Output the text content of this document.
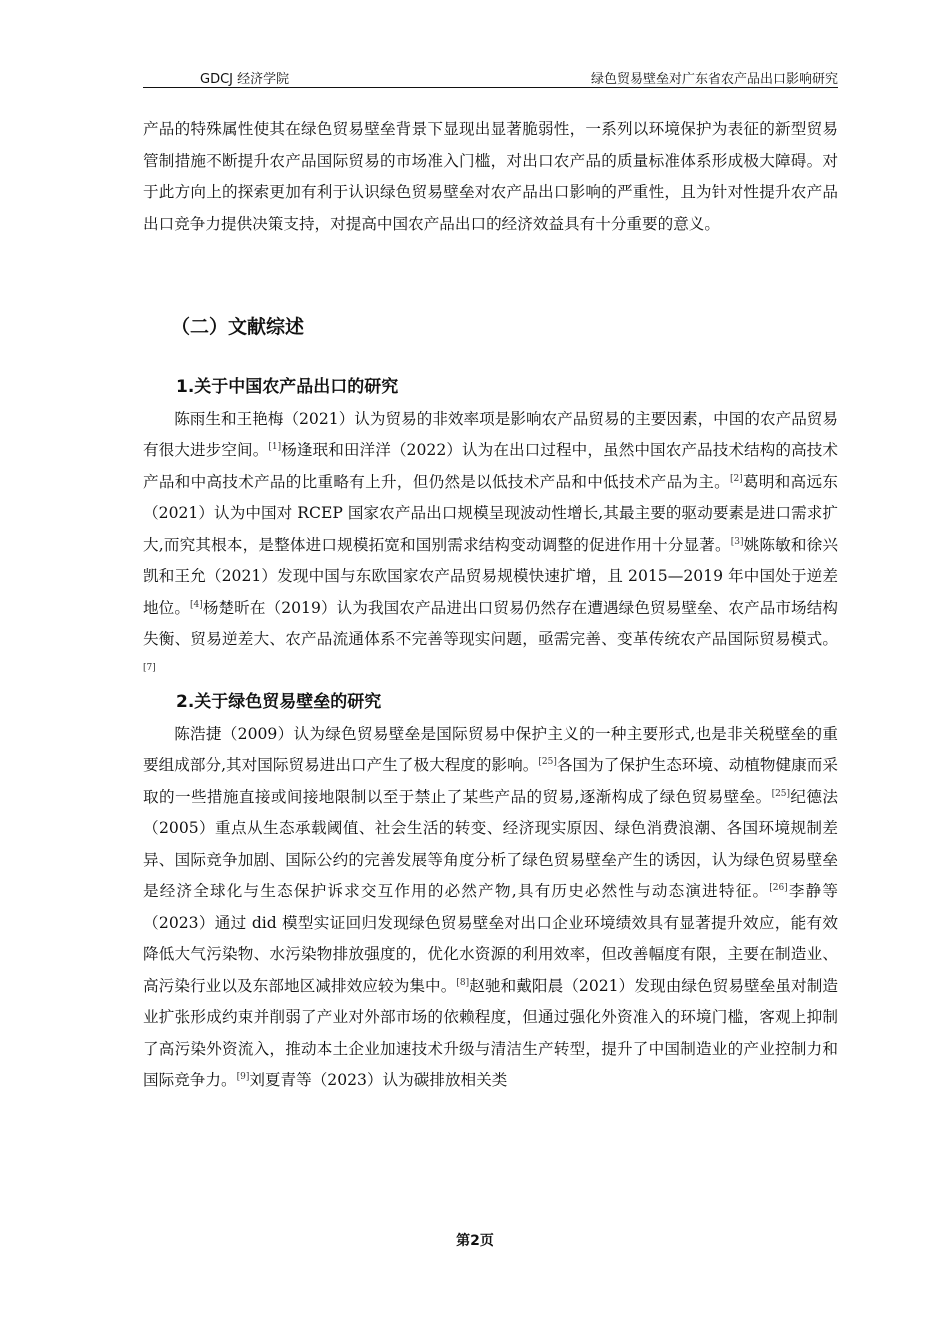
GDCJ 经济学院	绿色贸易壁垒对广东省农产品出口影响研究

产品的特殊属性使其在绿色贸易壁垒背景下显现出显著脆弱性，一系列以环境保护为表征的新型贸易管制措施不断提升农产品国际贸易的市场准入门槛，对出口农产品的质量标准体系形成极大障碍。对于此方向上的探索更加有利于认识绿色贸易壁垒对农产品出口影响的严重性，且为针对性提升农产品出口竞争力提供决策支持，对提高中国农产品出口的经济效益具有十分重要的意义。

（二）文献综述
1.关于中国农产品出口的研究

陈雨生和王艳梅（2021）认为贸易的非效率项是影响农产品贸易的主要因素，中国的农产品贸易有很大进步空间。[1]杨逢珉和田洋洋（2022）认为在出口过程中，虽然中国农产品技术结构的高技术产品和中高技术产品的比重略有上升，但仍然是以低技术产品和中低技术产品为主。[2]葛明和高远东（2021）认为中国对 RCEP 国家农产品出口规模呈现波动性增长,其最主要的驱动要素是进口需求扩大,而究其根本，是整体进口规模拓宽和国别需求结构变动调整的促进作用十分显著。[3]姚陈敏和徐兴凯和王允（2021）发现中国与东欧国家农产品贸易规模快速扩增，且 2015—2019 年中国处于逆差地位。[4]杨楚昕在（2019）认为我国农产品进出口贸易仍然存在遭遇绿色贸易壁垒、农产品市场结构失衡、贸易逆差大、农产品流通体系不完善等现实问题，亟需完善、变革传统农产品国际贸易模式。[7]

2.关于绿色贸易壁垒的研究

陈浩捷（2009）认为绿色贸易壁垒是国际贸易中保护主义的一种主要形式,也是非关税壁垒的重要组成部分,其对国际贸易进出口产生了极大程度的影响。[25]各国为了保护生态环境、动植物健康而采取的一些措施直接或间接地限制以至于禁止了某些产品的贸易,逐渐构成了绿色贸易壁垒。[25]纪德法（2005）重点从生态承载阈值、社会生活的转变、经济现实原因、绿色消费浪潮、各国环境规制差异、国际竞争加剧、国际公约的完善发展等角度分析了绿色贸易壁垒产生的诱因，认为绿色贸易壁垒是经济全球化与生态保护诉求交互作用的必然产物,具有历史必然性与动态演进特征。[26]李静等（2023）通过 did 模型实证回归发现绿色贸易壁垒对出口企业环境绩效具有显著提升效应，能有效降低大气污染物、水污染物排放强度的，优化水资源的利用效率，但改善幅度有限，主要在制造业、高污染行业以及东部地区减排效应较为集中。[8]赵驰和戴阳晨（2021）发现由绿色贸易壁垒虽对制造业扩张形成约束并削弱了产业对外部市场的依赖程度，但通过强化外资准入的环境门槛，客观上抑制了高污染外资流入，推动本土企业加速技术升级与清洁生产转型，提升了中国制造业的产业控制力和国际竞争力。[9]刘夏青等（2023）认为碳排放相关类

第2页
